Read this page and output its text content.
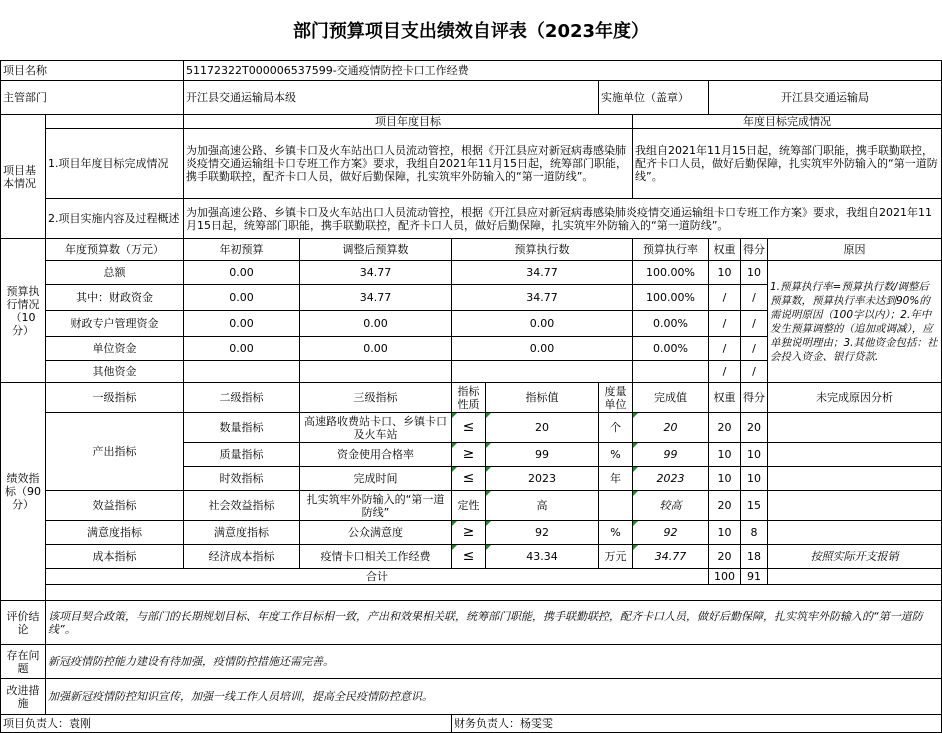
部门预算项目支出绩效自评表（2023年度）
项目名称		51172322T000006537599-交通疫情防控卡口工作经费								
主管部门		开江县交通运输局本级				实施单位（盖章）		开江县交通运输局		
项目基本情况		项目年度目标					年度目标完成情况			
	1.项目年度目标完成情况	为加强高速公路、乡镇卡口及火车站出口人员流动管控，根据《开江县应对新冠病毒感染肺炎疫情交通运输组卡口专班工作方案》要求，我组自2021年11月15日起，统筹部门职能，携手联勤联控，配齐卡口人员，做好后勤保障，扎实筑牢外防输入的“第一道防线”。					我组自2021年11月15日起，统筹部门职能，携手联勤联控，配齐卡口人员，做好后勤保障，扎实筑牢外防输入的“第一道防线”。			
	2.项目实施内容及过程概述	为加强高速公路、乡镇卡口及火车站出口人员流动管控，根据《开江县应对新冠病毒感染肺炎疫情交通运输组卡口专班工作方案》要求，我组自2021年11月15日起，统筹部门职能，携手联勤联控，配齐卡口人员，做好后勤保障，扎实筑牢外防输入的“第一道防线”。								
预算执行情况（10分）	年度预算数（万元）	年初预算	调整后预算数	预算执行数			预算执行率	权重	得分	原因
	总额	0.00	34.77	34.77			100.00%	10	10	1.预算执行率=预算执行数/调整后预算数，预算执行率未达到90%的需说明原因（100字以内）；2.年中发生预算调整的（追加或调减），应单独说明理由；3.其他资金包括：社会投入资金、银行贷款.
	其中：财政资金	0.00	34.77	34.77			100.00%	/	/	
	财政专户管理资金	0.00	0.00	0.00			0.00%	/	/	
	单位资金	0.00	0.00	0.00			0.00%	/	/	
	其他资金							/	/	
绩效指标（90分）	一级指标	二级指标	三级指标	指标性质	指标值	度量单位	完成值	权重	得分	未完成原因分析
	产出指标	数量指标	高速路收费站卡口、乡镇卡口及火车站	≤	20	个	20	20	20	
		质量指标	资金使用合格率	≥	99	%	99	10	10	
		时效指标	完成时间	≤	2023	年	2023	10	10	
	效益指标	社会效益指标	扎实筑牢外防输入的“第一道防线”	定性	高		较高	20	15	
	满意度指标	满意度指标	公众满意度	≥	92	%	92	10	8	
	成本指标	经济成本指标	疫情卡口相关工作经费	≤	43.34	万元	34.77	20	18	按照实际开支报销
	合计							100	91	

评价结论	该项目契合政策，与部门的长期规划目标、年度工作目标相一致，产出和效果相关联，统筹部门职能，携手联勤联控，配齐卡口人员，做好后勤保障，扎实筑牢外防输入的“第一道防线”。									
存在问题	新冠疫情防控能力建设有待加强，疫情防控措施还需完善。									
改进措施	加强新冠疫情防控知识宣传，加强一线工作人员培训，提高全民疫情防控意识。									
项目负责人：袁刚				财务负责人：杨雯雯						
